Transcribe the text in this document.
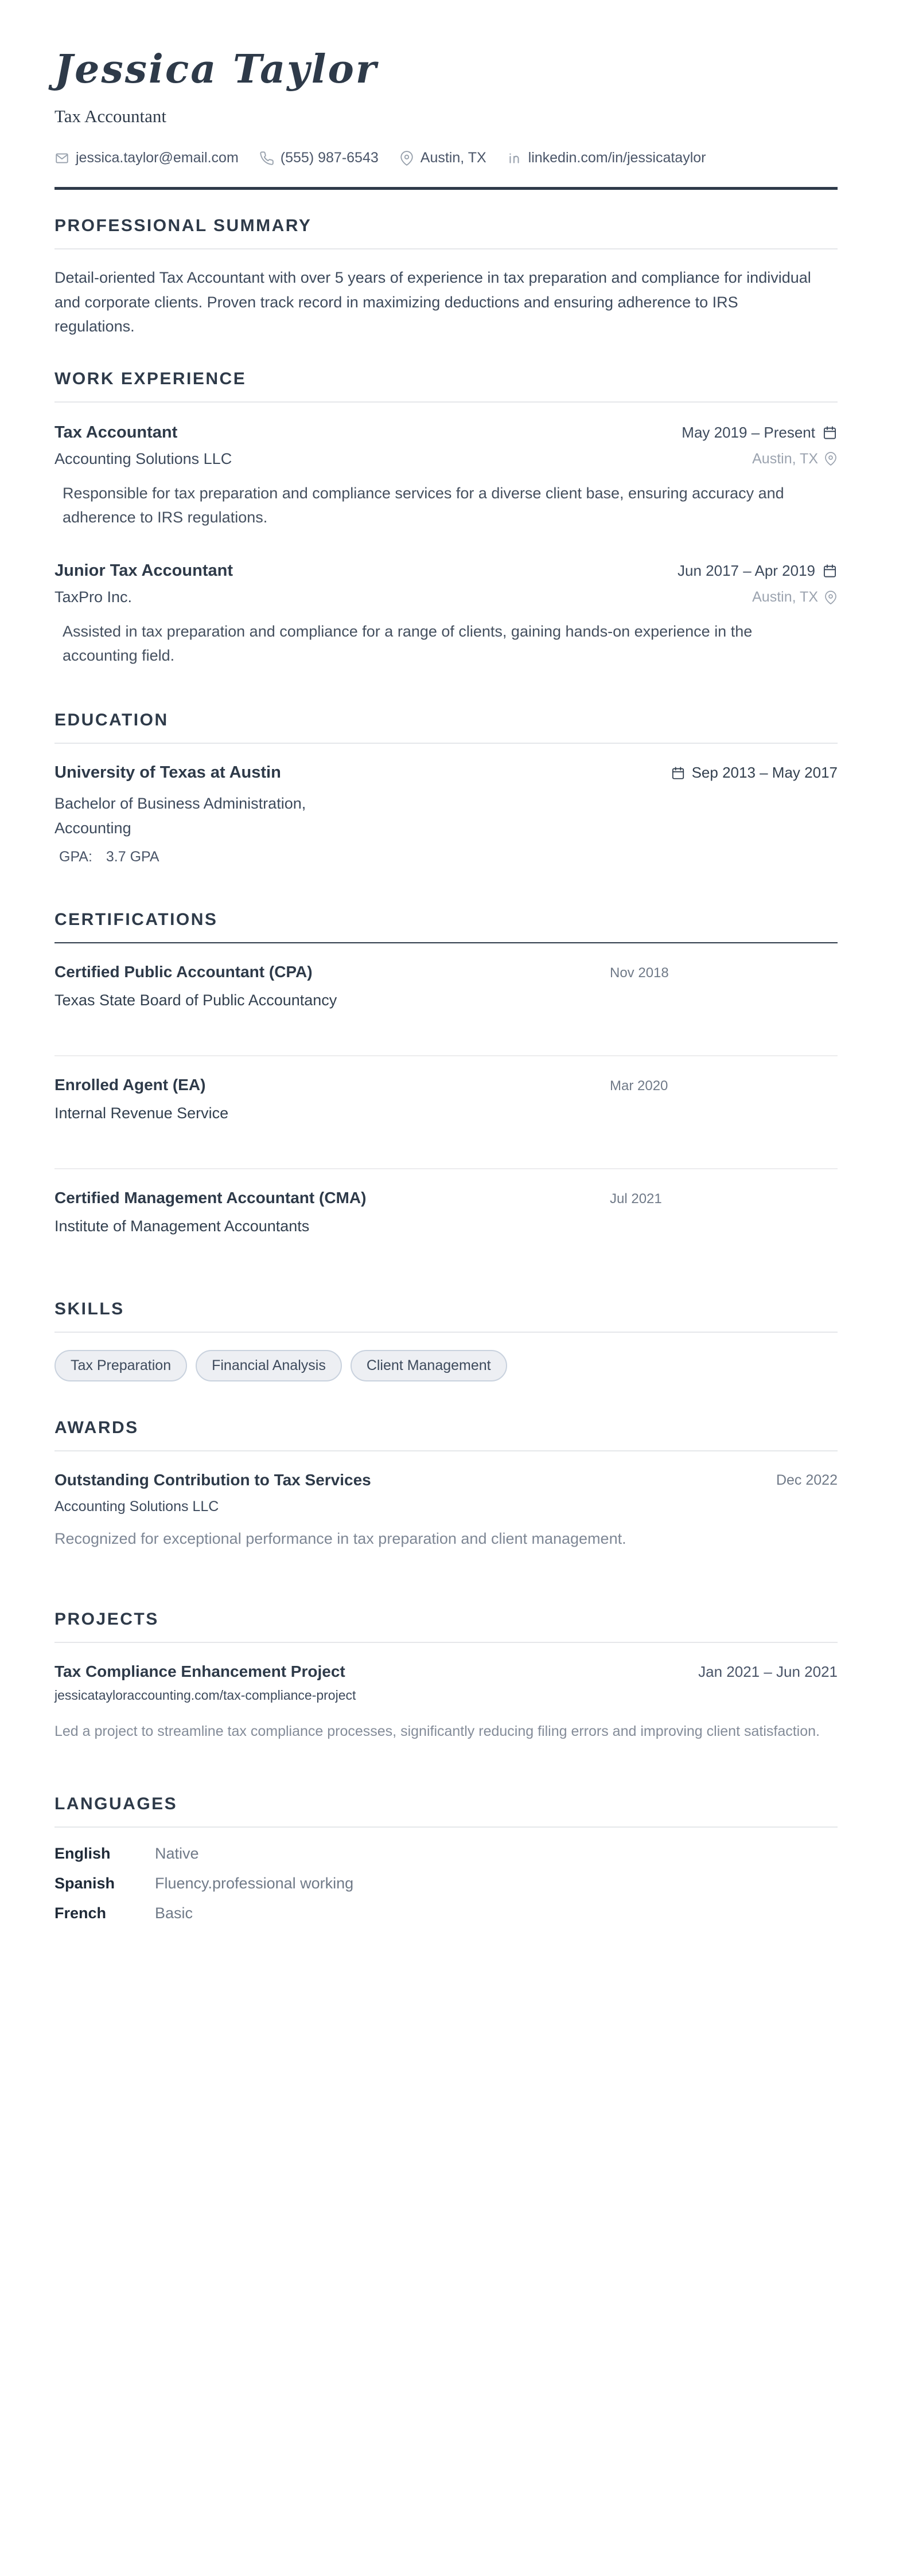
Jessica Taylor
Tax Accountant
jessica.taylor@email.com	(555) 987-6543	Austin, TX	linkedin.com/in/jessicataylor
PROFESSIONAL SUMMARY

Detail-oriented Tax Accountant with over 5 years of experience in tax preparation and compliance for individual and corporate clients. Proven track record in maximizing deductions and ensuring adherence to IRS regulations.

WORK EXPERIENCE
Tax Accountant	May 2019 – Present
Accounting Solutions LLC	Austin, TX

Responsible for tax preparation and compliance services for a diverse client base, ensuring accuracy and adherence to IRS regulations.

Junior Tax Accountant	Jun 2017 – Apr 2019
TaxPro Inc.	Austin, TX

Assisted in tax preparation and compliance for a range of clients, gaining hands-on experience in the accounting field.

EDUCATION
University of Texas at Austin	Sep 2013 – May 2017
Bachelor of Business Administration, Accounting
GPA: 3.7 GPA
CERTIFICATIONS
Certified Public Accountant (CPA)	Nov 2018
Texas State Board of Public Accountancy
Enrolled Agent (EA)	Mar 2020
Internal Revenue Service
Certified Management Accountant (CMA)	Jul 2021
Institute of Management Accountants
SKILLS
Tax Preparation	Financial Analysis	Client Management
AWARDS
Outstanding Contribution to Tax Services	Dec 2022
Accounting Solutions LLC

Recognized for exceptional performance in tax preparation and client management.

PROJECTS
Tax Compliance Enhancement Project	Jan 2021 – Jun 2021
jessicatayloraccounting.com/tax-compliance-project

Led a project to streamline tax compliance processes, significantly reducing filing errors and improving client satisfaction.

LANGUAGES
English	Native
Spanish	Fluency.professional working
French	Basic
